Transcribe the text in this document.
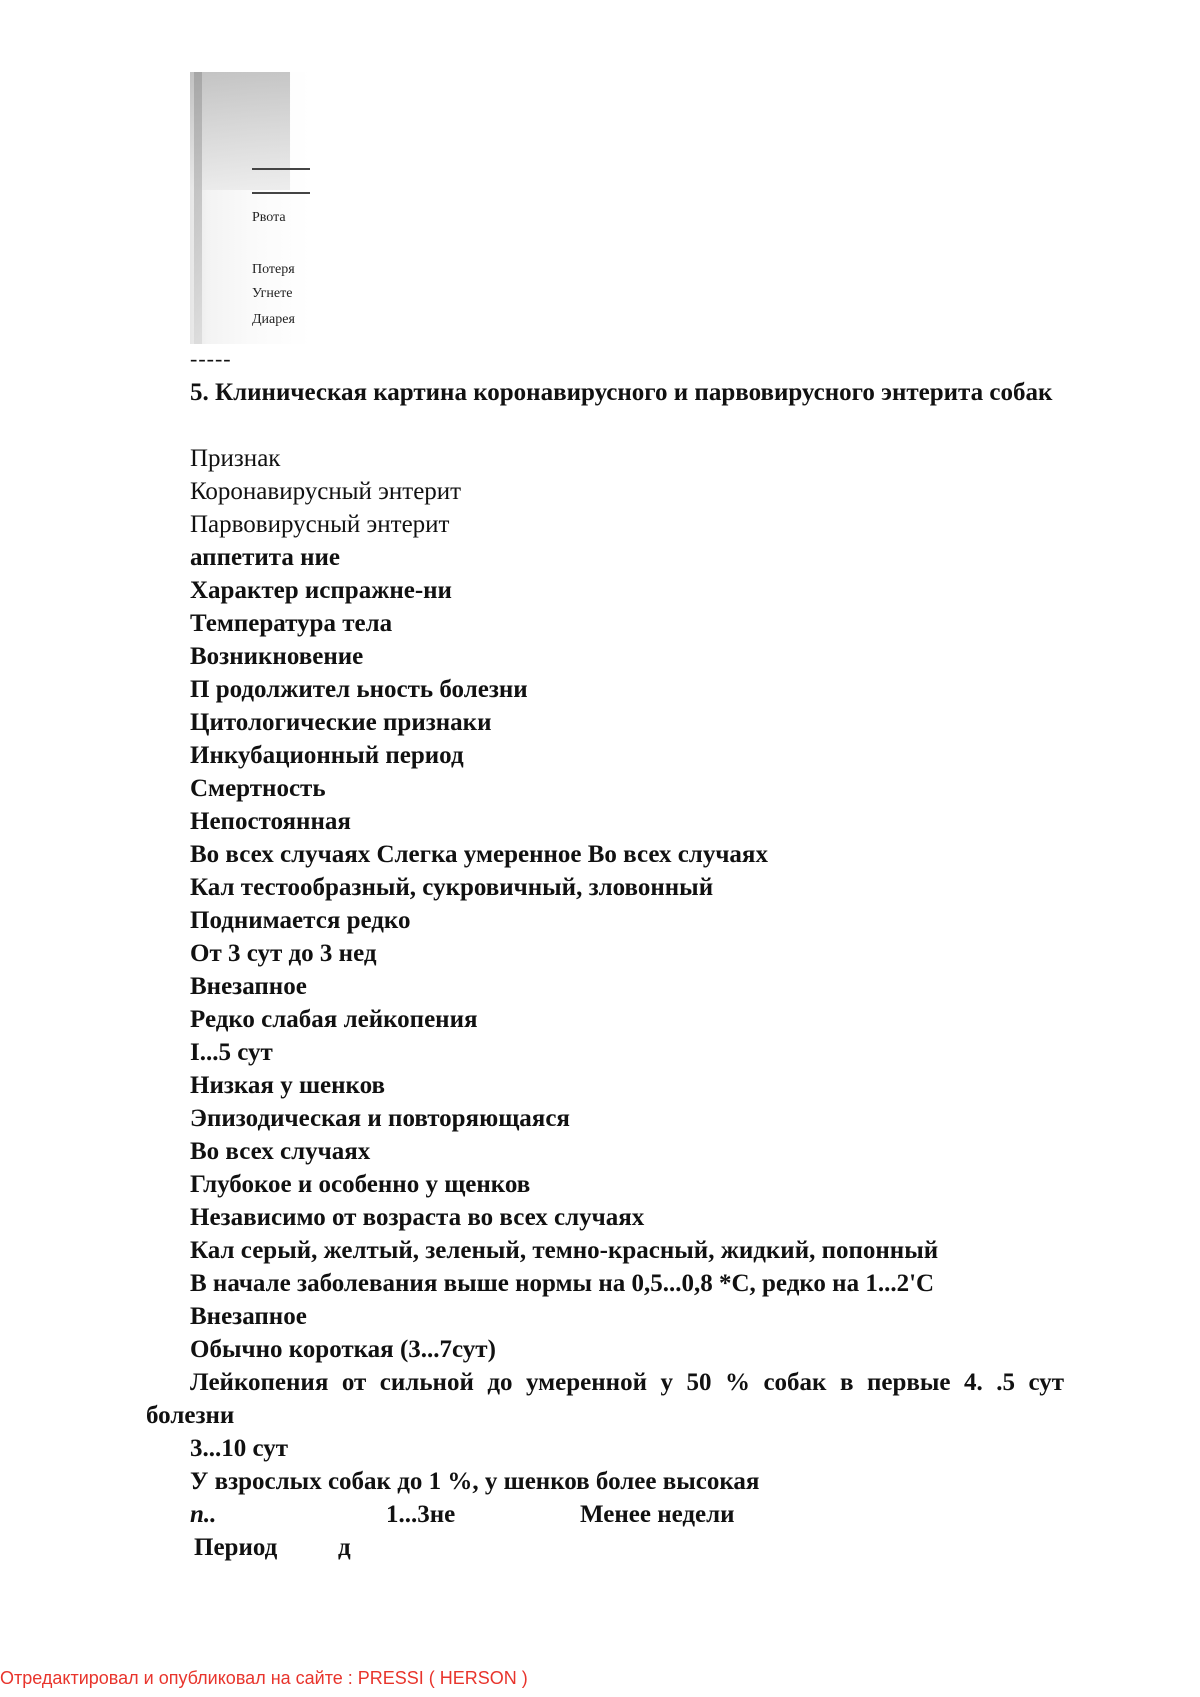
Рвота
Потеря
Угнете
Диарея
-----
5. Клиническая картина коронавирусного и парвовирусного энтерита собак
Признак
Коронавирусный энтерит
Парвовирусный энтерит
аппетита ние
Характер испражне-ни
Температура тела
Возникновение
П родолжител ьность болезни
Цитологические признаки
Инкубационный период
Смертность
Непостоянная
Во всех случаях Слегка умеренное Во всех случаях
Кал тестообразный, сукровичный, зловонный
Поднимается редко
От 3 сут до 3 нед
Внезапное
Редко слабая лейкопения
I...5 сут
Низкая у шенков
Эпизодическая и повторяющаяся
Во всех случаях
Глубокое и особенно у щенков
Независимо от возраста во всех случаях
Кал серый, желтый, зеленый, темно-красный, жидкий, попонный
В начале заболевания выше нормы на 0,5...0,8 *С, редко на 1...2'С
Внезапное
Обычно короткая (3...7сут)
Лейкопения от сильной до умеренной у 50 % собак в первые 4. .5 сут болезни
3...10 сут
У взрослых собак до 1 %, у шенков более высокая
п..	1...3не	Менее недели
Период д
Отредактировал и опубликовал на сайте : PRESSI ( HERSON )
